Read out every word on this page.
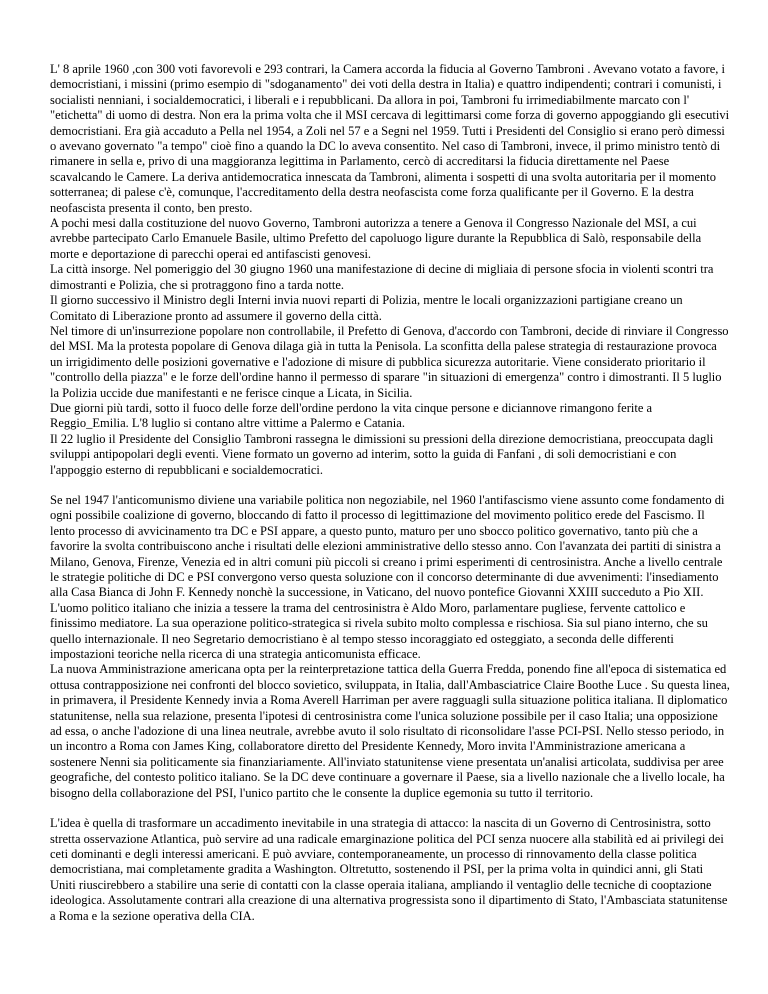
L' 8 aprile 1960 ,con 300 voti favorevoli e 293 contrari, la Camera accorda la fiducia al Governo Tambroni . Avevano votato a favore, i democristiani, i missini (primo esempio di "sdoganamento" dei voti della destra in Italia) e quattro indipendenti; contrari i comunisti, i socialisti nenniani, i socialdemocratici, i liberali e i repubblicani. Da allora in poi, Tambroni fu irrimediabilmente marcato con l' "etichetta" di uomo di destra. Non era la prima volta che il MSI cercava di legittimarsi come forza di governo appoggiando gli esecutivi democristiani. Era già accaduto a Pella nel 1954, a Zoli nel 57 e a Segni nel 1959. Tutti i Presidenti del Consiglio si erano però dimessi o avevano governato "a tempo" cioè fino a quando la DC lo aveva consentito. Nel caso di Tambroni, invece, il primo ministro tentò di rimanere in sella e, privo di una maggioranza legittima in Parlamento, cercò di accreditarsi la fiducia direttamente nel Paese scavalcando le Camere. La deriva antidemocratica innescata da Tambroni, alimenta i sospetti di una svolta autoritaria per il momento sotterranea; di palese c'è, comunque, l'accreditamento della destra neofascista come forza qualificante per il Governo. E la destra neofascista presenta il conto, ben presto.

A pochi mesi dalla costituzione del nuovo Governo, Tambroni autorizza a tenere a Genova il Congresso Nazionale del MSI, a cui avrebbe partecipato Carlo Emanuele Basile, ultimo Prefetto del capoluogo ligure durante la Repubblica di Salò, responsabile della morte e deportazione di parecchi operai ed antifascisti genovesi.

La città insorge. Nel pomeriggio del 30 giugno 1960 una manifestazione di decine di migliaia di persone sfocia in violenti scontri tra dimostranti e Polizia, che si protraggono fino a tarda notte.

Il giorno successivo il Ministro degli Interni invia nuovi reparti di Polizia, mentre le locali organizzazioni partigiane creano un Comitato di Liberazione pronto ad assumere il governo della città.

Nel timore di un'insurrezione popolare non controllabile, il Prefetto di Genova, d'accordo con Tambroni, decide di rinviare il Congresso del MSI. Ma la protesta popolare di Genova dilaga già in tutta la Penisola. La sconfitta della palese strategia di restaurazione provoca un irrigidimento delle posizioni governative e l'adozione di misure di pubblica sicurezza autoritarie. Viene considerato prioritario il "controllo della piazza" e le forze dell'ordine hanno il permesso di sparare "in situazioni di emergenza" contro i dimostranti. Il 5 luglio la Polizia uccide due manifestanti e ne ferisce cinque a Licata, in Sicilia.

Due giorni più tardi, sotto il fuoco delle forze dell'ordine perdono la vita cinque persone e diciannove rimangono ferite a Reggio_Emilia. L'8 luglio si contano altre vittime a Palermo e Catania.

Il 22 luglio il Presidente del Consiglio Tambroni rassegna le dimissioni su pressioni della direzione democristiana, preoccupata dagli sviluppi antipopolari degli eventi. Viene formato un governo ad interim, sotto la guida di Fanfani , di soli democristiani e con l'appoggio esterno di repubblicani e socialdemocratici.

Se nel 1947 l'anticomunismo diviene una variabile politica non negoziabile, nel 1960 l'antifascismo viene assunto come fondamento di ogni possibile coalizione di governo, bloccando di fatto il processo di legittimazione del movimento politico erede del Fascismo. Il lento processo di avvicinamento tra DC e PSI appare, a questo punto, maturo per uno sbocco politico governativo, tanto più che a favorire la svolta contribuiscono anche i risultati delle elezioni amministrative dello stesso anno. Con l'avanzata dei partiti di sinistra a Milano, Genova, Firenze, Venezia ed in altri comuni più piccoli si creano i primi esperimenti di centrosinistra. Anche a livello centrale le strategie politiche di DC e PSI convergono verso questa soluzione con il concorso determinante di due avvenimenti: l'insediamento alla Casa Bianca di John F. Kennedy nonchè la successione, in Vaticano, del nuovo pontefice Giovanni XXIII succeduto a Pio XII.

L'uomo politico italiano che inizia a tessere la trama del centrosinistra è Aldo Moro, parlamentare pugliese, fervente cattolico e finissimo mediatore. La sua operazione politico-strategica si rivela subito molto complessa e rischiosa. Sia sul piano interno, che su quello internazionale. Il neo Segretario democristiano è al tempo stesso incoraggiato ed osteggiato, a seconda delle differenti impostazioni teoriche nella ricerca di una strategia anticomunista efficace.

La nuova Amministrazione americana opta per la reinterpretazione tattica della Guerra Fredda, ponendo fine all'epoca di sistematica ed ottusa contrapposizione nei confronti del blocco sovietico, sviluppata, in Italia, dall'Ambasciatrice Claire Boothe Luce . Su questa linea, in primavera, il Presidente Kennedy invia a Roma Averell Harriman per avere ragguagli sulla situazione politica italiana. Il diplomatico statunitense, nella sua relazione, presenta l'ipotesi di centrosinistra come l'unica soluzione possibile per il caso Italia; una opposizione ad essa, o anche l'adozione di una linea neutrale, avrebbe avuto il solo risultato di riconsolidare l'asse PCI-PSI. Nello stesso periodo, in un incontro a Roma con James King, collaboratore diretto del Presidente Kennedy, Moro invita l'Amministrazione americana a sostenere Nenni sia politicamente sia finanziariamente. All'inviato statunitense viene presentata un'analisi articolata, suddivisa per aree geografiche, del contesto politico italiano. Se la DC deve continuare a governare il Paese, sia a livello nazionale che a livello locale, ha bisogno della collaborazione del PSI, l'unico partito che le consente la duplice egemonia su tutto il territorio.

L'idea è quella di trasformare un accadimento inevitabile in una strategia di attacco: la nascita di un Governo di Centrosinistra, sotto stretta osservazione Atlantica, può servire ad una radicale emarginazione politica del PCI senza nuocere alla stabilità ed ai privilegi dei ceti dominanti e degli interessi americani. E può avviare, contemporaneamente, un processo di rinnovamento della classe politica democristiana, mai completamente gradita a Washington. Oltretutto, sostenendo il PSI, per la prima volta in quindici anni, gli Stati Uniti riuscirebbero a stabilire una serie di contatti con la classe operaia italiana, ampliando il ventaglio delle tecniche di cooptazione ideologica. Assolutamente contrari alla creazione di una alternativa progressista sono il dipartimento di Stato, l'Ambasciata statunitense a Roma e la sezione operativa della CIA.
